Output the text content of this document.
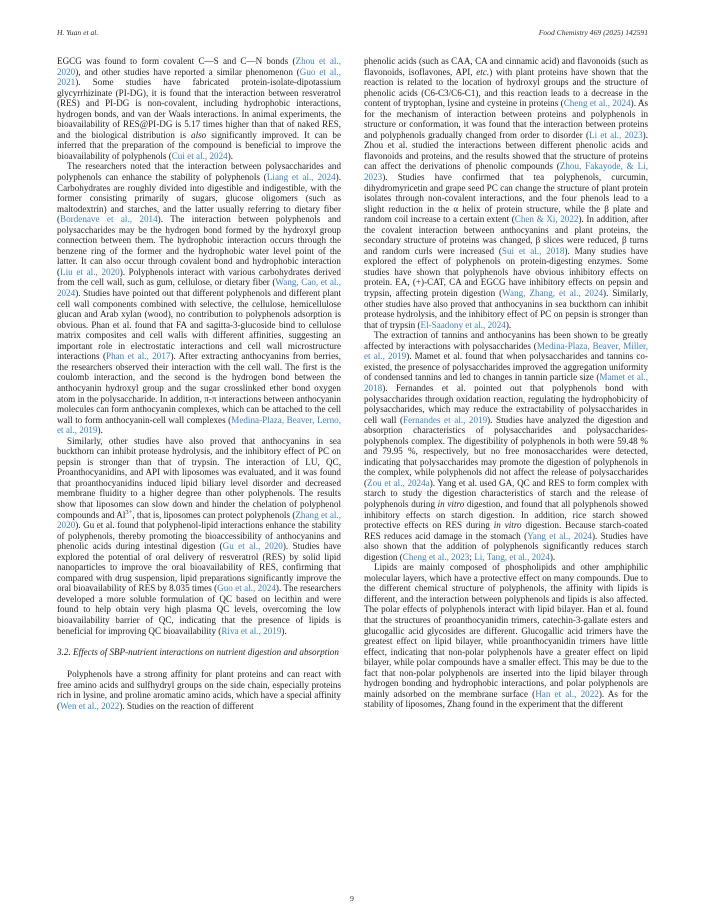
H. Yuan et al.	Food Chemistry 469 (2025) 142591

EGCG was found to form covalent C—S and C—N bonds (Zhou et al., 2020), and other studies have reported a similar phenomenon (Guo et al., 2021). Some studies have fabricated protein-isolate-dipotassium glycyrrhizinate (PI-DG), it is found that the interaction between resveratrol (RES) and PI-DG is non-covalent, including hydrophobic interactions, hydrogen bonds, and van der Waals interactions. In animal experiments, the bioavailability of RES@PI-DG is 5.17 times higher than that of naked RES, and the biological distribution is also significantly improved. It can be inferred that the preparation of the compound is beneficial to improve the bioavailability of polyphenols (Cui et al., 2024).

The researchers noted that the interaction between polysaccharides and polyphenols can enhance the stability of polyphenols (Liang et al., 2024). Carbohydrates are roughly divided into digestible and indigestible, with the former consisting primarily of sugars, glucose oligomers (such as maltodextrin) and starches, and the latter usually referring to dietary fiber (Bordenave et al., 2014). The interaction between polyphenols and polysaccharides may be the hydrogen bond formed by the hydroxyl group connection between them. The hydrophobic interaction occurs through the benzene ring of the former and the hydrophobic water level point of the latter. It can also occur through covalent bond and hydrophobic interaction (Liu et al., 2020). Polyphenols interact with various carbohydrates derived from the cell wall, such as gum, cellulose, or dietary fiber (Wang, Cao, et al., 2024). Studies have pointed out that different polyphenols and different plant cell wall components combined with selective, the cellulose, hemicellulose glucan and Arab xylan (wood), no contribution to polyphenols adsorption is obvious. Phan et al. found that FA and sagitta-3-glucoside bind to cellulose matrix composites and cell walls with different affinities, suggesting an important role in electrostatic interactions and cell wall microstructure interactions (Phan et al., 2017). After extracting anthocyanins from berries, the researchers observed their interaction with the cell wall. The first is the coulomb interaction, and the second is the hydrogen bond between the anthocyanin hydroxyl group and the sugar crosslinked ether bond oxygen atom in the polysaccharide. In addition, π-π interactions between anthocyanin molecules can form anthocyanin complexes, which can be attached to the cell wall to form anthocyanin-cell wall complexes (Medina-Plaza, Beaver, Lerno, et al., 2019).

Similarly, other studies have also proved that anthocyanins in sea buckthorn can inhibit protease hydrolysis, and the inhibitory effect of PC on pepsin is stronger than that of trypsin. The interaction of LU, QC, Proanthocyanidins, and API with liposomes was evaluated, and it was found that proanthocyanidins induced lipid biliary level disorder and decreased membrane fluidity to a higher degree than other polyphenols. The results show that liposomes can slow down and hinder the chelation of polyphenol compounds and $Al^{3+}$, that is, liposomes can protect polyphenols (Zhang et al., 2020). Gu et al. found that polyphenol-lipid interactions enhance the stability of polyphenols, thereby promoting the bioaccessibility of anthocyanins and phenolic acids during intestinal digestion (Gu et al., 2020). Studies have explored the potential of oral delivery of resveratrol (RES) by solid lipid nanoparticles to improve the oral bioavailability of RES, confirming that compared with drug suspension, lipid preparations significantly improve the oral bioavailability of RES by 8.035 times (Guo et al., 2024). The researchers developed a more soluble formulation of QC based on lecithin and were found to help obtain very high plasma QC levels, overcoming the low bioavailability barrier of QC, indicating that the presence of lipids is beneficial for improving QC bioavailability (Riva et al., 2019).

3.2. Effects of SBP-nutrient interactions on nutrient digestion and absorption

Polyphenols have a strong affinity for plant proteins and can react with free amino acids and sulfhydryl groups on the side chain, especially proteins rich in lysine, and proline aromatic amino acids, which have a special affinity (Wen et al., 2022). Studies on the reaction of different

phenolic acids (such as CAA, CA and cinnamic acid) and flavonoids (such as flavonoids, isoflavones, API, etc.) with plant proteins have shown that the reaction is related to the location of hydroxyl groups and the structure of phenolic acids (C6-C3/C6-C1), and this reaction leads to a decrease in the content of tryptophan, lysine and cysteine in proteins (Cheng et al., 2024). As for the mechanism of interaction between proteins and polyphenols in structure or conformation, it was found that the interaction between proteins and polyphenols gradually changed from order to disorder (Li et al., 2023). Zhou et al. studied the interactions between different phenolic acids and flavonoids and proteins, and the results showed that the structure of proteins can affect the derivations of phenolic compounds (Zhou, Fakayode, & Li, 2023). Studies have confirmed that tea polyphenols, curcumin, dihydromyricetin and grape seed PC can change the structure of plant protein isolates through non-covalent interactions, and the four phenols lead to a slight reduction in the α helix of protein structure, while the β plate and random coil increase to a certain extent (Chen & Xi, 2022). In addition, after the covalent interaction between anthocyanins and plant proteins, the secondary structure of proteins was changed, β slices were reduced, β turns and random curls were increased (Sui et al., 2018). Many studies have explored the effect of polyphenols on protein-digesting enzymes. Some studies have shown that polyphenols have obvious inhibitory effects on protein. EA, (+)-CAT, CA and EGCG have inhibitory effects on pepsin and trypsin, affecting protein digestion (Wang, Zhang, et al., 2024). Similarly, other studies have also proved that anthocyanins in sea buckthorn can inhibit protease hydrolysis, and the inhibitory effect of PC on pepsin is stronger than that of trypsin (El-Saadony et al., 2024).

The extraction of tannins and anthocyanins has been shown to be greatly affected by interactions with polysaccharides (Medina-Plaza, Beaver, Miller, et al., 2019). Mamet et al. found that when polysaccharides and tannins co-existed, the presence of polysaccharides improved the aggregation uniformity of condensed tannins and led to changes in tannin particle size (Mamet et al., 2018). Fernandes et al. pointed out that polyphenols bond with polysaccharides through oxidation reaction, regulating the hydrophobicity of polysaccharides, which may reduce the extractability of polysaccharides in cell wall (Fernandes et al., 2019). Studies have analyzed the digestion and absorption characteristics of polysaccharides and polysaccharides-polyphenols complex. The digestibility of polyphenols in both were 59.48 % and 79.95 %, respectively, but no free monosaccharides were detected, indicating that polysaccharides may promote the digestion of polyphenols in the complex, while polyphenols did not affect the release of polysaccharides (Zou et al., 2024a). Yang et al. used GA, QC and RES to form complex with starch to study the digestion characteristics of starch and the release of polyphenols during in vitro digestion, and found that all polyphenols showed inhibitory effects on starch digestion. In addition, rice starch showed protective effects on RES during in vitro digestion. Because starch-coated RES reduces acid damage in the stomach (Yang et al., 2024). Studies have also shown that the addition of polyphenols significantly reduces starch digestion (Cheng et al., 2023; Li, Tang, et al., 2024).

Lipids are mainly composed of phospholipids and other amphiphilic molecular layers, which have a protective effect on many compounds. Due to the different chemical structure of polyphenols, the affinity with lipids is different, and the interaction between polyphenols and lipids is also affected. The polar effects of polyphenols interact with lipid bilayer. Han et al. found that the structures of proanthocyanidin trimers, catechin-3-gallate esters and glucogallic acid glycosides are different. Glucogallic acid trimers have the greatest effect on lipid bilayer, while proanthocyanidin trimers have little effect, indicating that non-polar polyphenols have a greater effect on lipid bilayer, while polar compounds have a smaller effect. This may be due to the fact that non-polar polyphenols are inserted into the lipid bilayer through hydrogen bonding and hydrophobic interactions, and polar polyphenols are mainly adsorbed on the membrane surface (Han et al., 2022). As for the stability of liposomes, Zhang found in the experiment that the different

9
